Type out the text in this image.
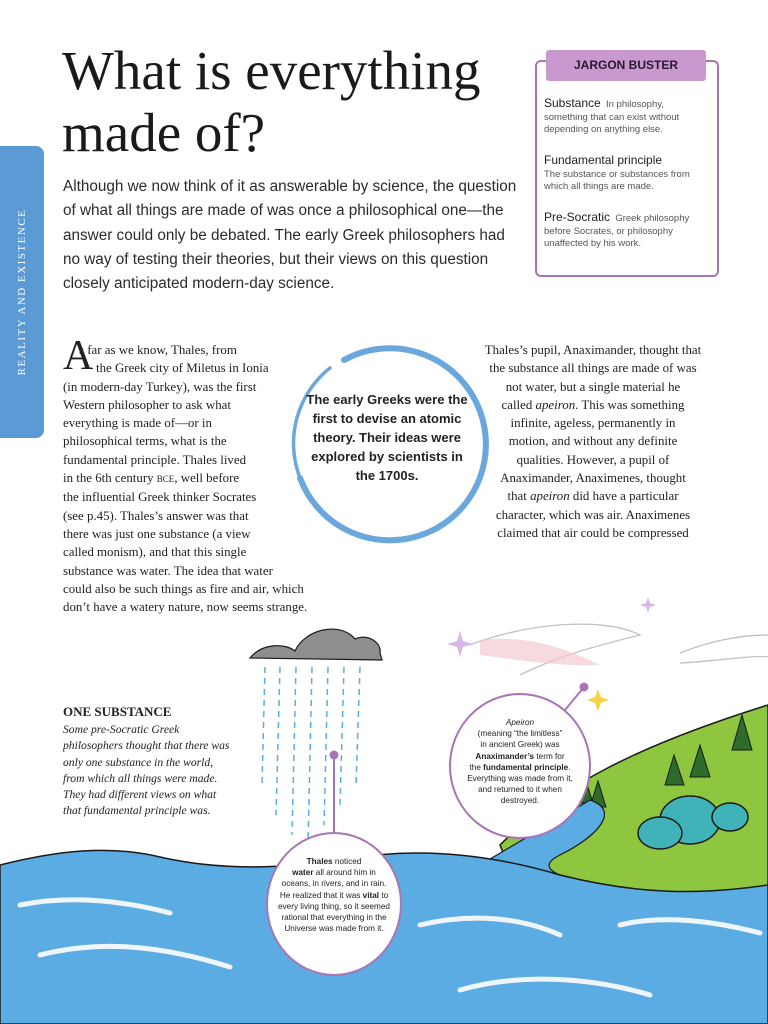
REALITY AND EXISTENCE
What is everything
made of?

Although we now think of it as answerable by science, the question of what all things are made of was once a philosophical one—the answer could only be debated. The early Greek philosophers had no way of testing their theories, but their views on this question closely anticipated modern-day science.

JARGON BUSTER
Substance In philosophy, something that can exist without depending on anything else.
Fundamental principle
The substance or substances from which all things are made.
Pre-Socratic Greek philosophy before Socrates, or philosophy unaffected by his work.
A
s far as we know, Thales, from
the Greek city of Miletus in Ionia
(in modern-day Turkey), was the first
Western philosopher to ask what
everything is made of—or in
philosophical terms, what is the
fundamental principle. Thales lived
in the 6th century BCE, well before
the influential Greek thinker Socrates
(see p.45). Thales’s answer was that
there was just one substance (a view
called monism), and that this single
substance was water. The idea that water
could also be such things as fire and air, which
don’t have a watery nature, now seems strange.
The early Greeks were the first to devise an atomic theory. Their ideas were explored by scientists in the 1700s.
Thales’s pupil, Anaximander, thought that
the substance all things are made of was
not water, but a single material he
called apeiron. This was something
infinite, ageless, permanently in
motion, and without any definite
qualities. However, a pupil of
Anaximander, Anaximenes, thought
that apeiron did have a particular
character, which was air. Anaximenes
claimed that air could be compressed
ONE SUBSTANCE

Some pre-Socratic Greek philosophers thought that there was only one substance in the world, from which all things were made. They had different views on what that fundamental principle was.

Apeiron
(meaning “the limitless”
in ancient Greek) was
Anaximander’s term for
the fundamental principle.
Everything was made from it, and returned to it when destroyed.
Thales noticed
water all around him in oceans, in rivers, and in rain. He realized that it was vital to every living thing, so it seemed rational that everything in the Universe was made from it.
